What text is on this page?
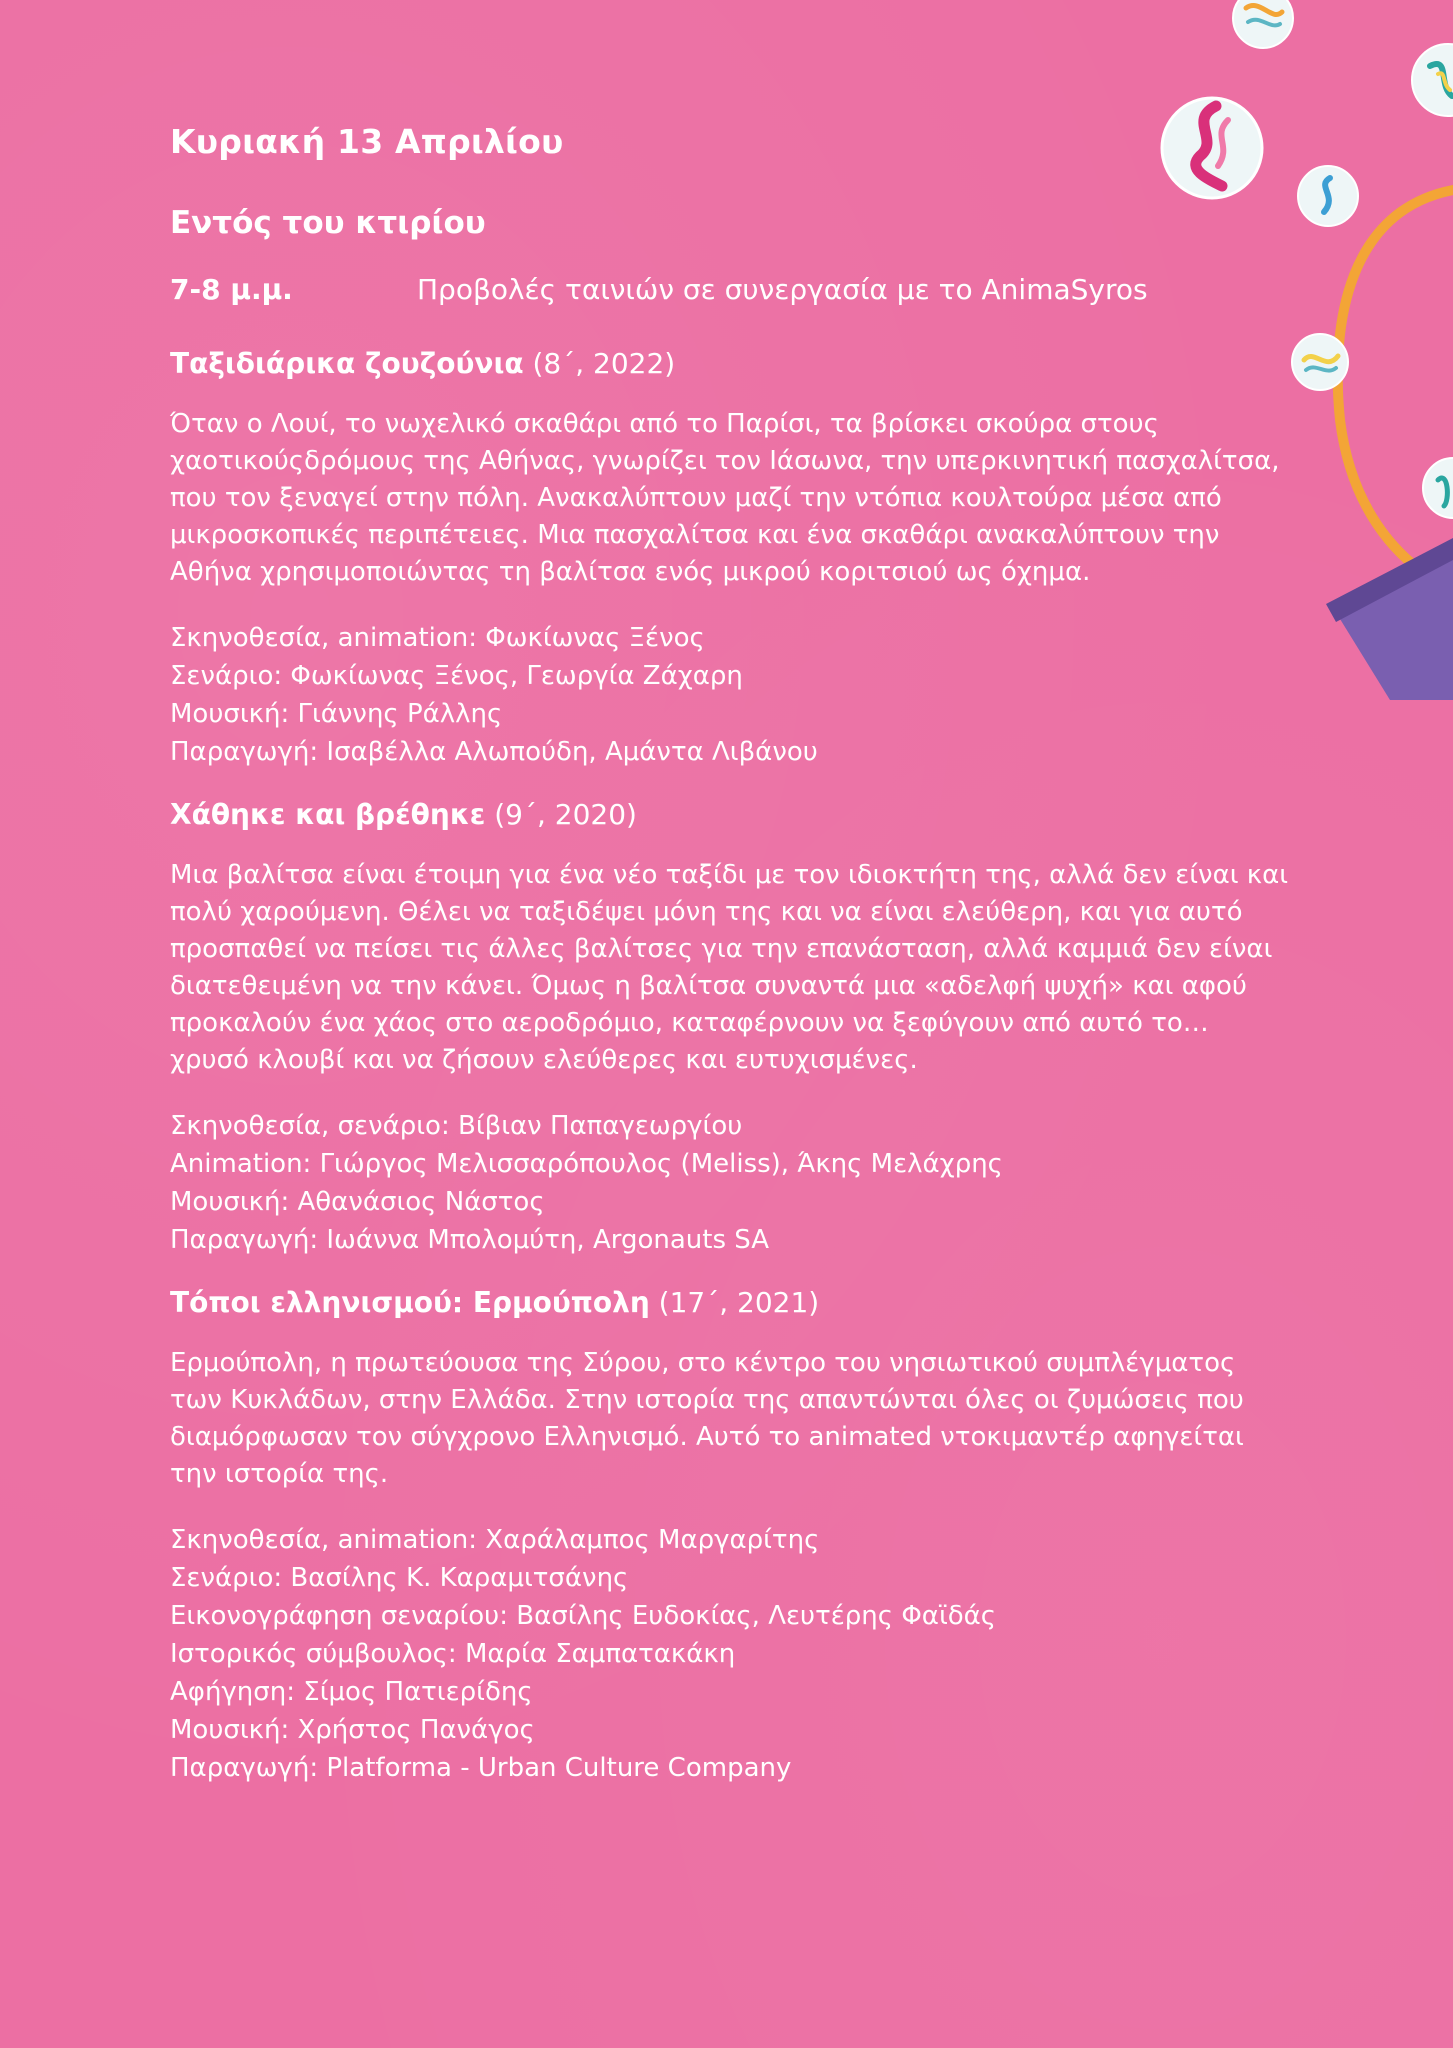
Κυριακή 13 Απριλίου
Εντός του κτιρίου
7-8 μ.μ.	Προβολές ταινιών σε συνεργασία με το AnimaSyros
Ταξιδιάρικα ζουζούνια (8΄, 2022)

Όταν ο Λουί, το νωχελικό σκαθάρι από το Παρίσι, τα βρίσκει σκούρα στους χαοτικούςδρόμους της Αθήνας, γνωρίζει τον Ιάσωνα, την υπερκινητική πασχαλίτσα, που τον ξεναγεί στην πόλη. Ανακαλύπτουν μαζί την ντόπια κουλτούρα μέσα από μικροσκοπικές περιπέτειες. Μια πασχαλίτσα και ένα σκαθάρι ανακαλύπτουν την Αθήνα χρησιμοποιώντας τη βαλίτσα ενός μικρού κοριτσιού ως όχημα.

Σκηνοθεσία, animation: Φωκίωνας Ξένος
Σενάριο: Φωκίωνας Ξένος, Γεωργία Ζάχαρη
Μουσική: Γιάννης Ράλλης
Παραγωγή: Ισαβέλλα Αλωπούδη, Αμάντα Λιβάνου
Χάθηκε και βρέθηκε (9΄, 2020)

Μια βαλίτσα είναι έτοιμη για ένα νέο ταξίδι με τον ιδιοκτήτη της, αλλά δεν είναι και πολύ χαρούμενη. Θέλει να ταξιδέψει μόνη της και να είναι ελεύθερη, και για αυτό προσπαθεί να πείσει τις άλλες βαλίτσες για την επανάσταση, αλλά καμμιά δεν είναι διατεθειμένη να την κάνει. Όμως η βαλίτσα συναντά μια «αδελφή ψυχή» και αφού προκαλούν ένα χάος στο αεροδρόμιο, καταφέρνουν να ξεφύγουν από αυτό το… χρυσό κλουβί και να ζήσουν ελεύθερες και ευτυχισμένες.

Σκηνοθεσία, σενάριο: Βίβιαν Παπαγεωργίου
Animation: Γιώργος Μελισσαρόπουλος (Meliss), Άκης Μελάχρης
Μουσική: Αθανάσιος Νάστος
Παραγωγή: Ιωάννα Μπολομύτη, Argonauts SA
Τόποι ελληνισμού: Ερμούπολη (17΄, 2021)

Ερμούπολη, η πρωτεύουσα της Σύρου, στο κέντρο του νησιωτικού συμπλέγματος των Κυκλάδων, στην Ελλάδα. Στην ιστορία της απαντώνται όλες οι ζυμώσεις που διαμόρφωσαν τον σύγχρονο Ελληνισμό. Αυτό το animated ντοκιμαντέρ αφηγείται την ιστορία της.

Σκηνοθεσία, animation: Χαράλαμπος Μαργαρίτης
Σενάριο: Βασίλης Κ. Καραμιτσάνης
Εικονογράφηση σεναρίου: Βασίλης Ευδοκίας, Λευτέρης Φαϊδάς
Ιστορικός σύμβουλος: Μαρία Σαμπατακάκη
Αφήγηση: Σίμος Πατιερίδης
Μουσική: Χρήστος Πανάγος
Παραγωγή: Platforma - Urban Culture Company
